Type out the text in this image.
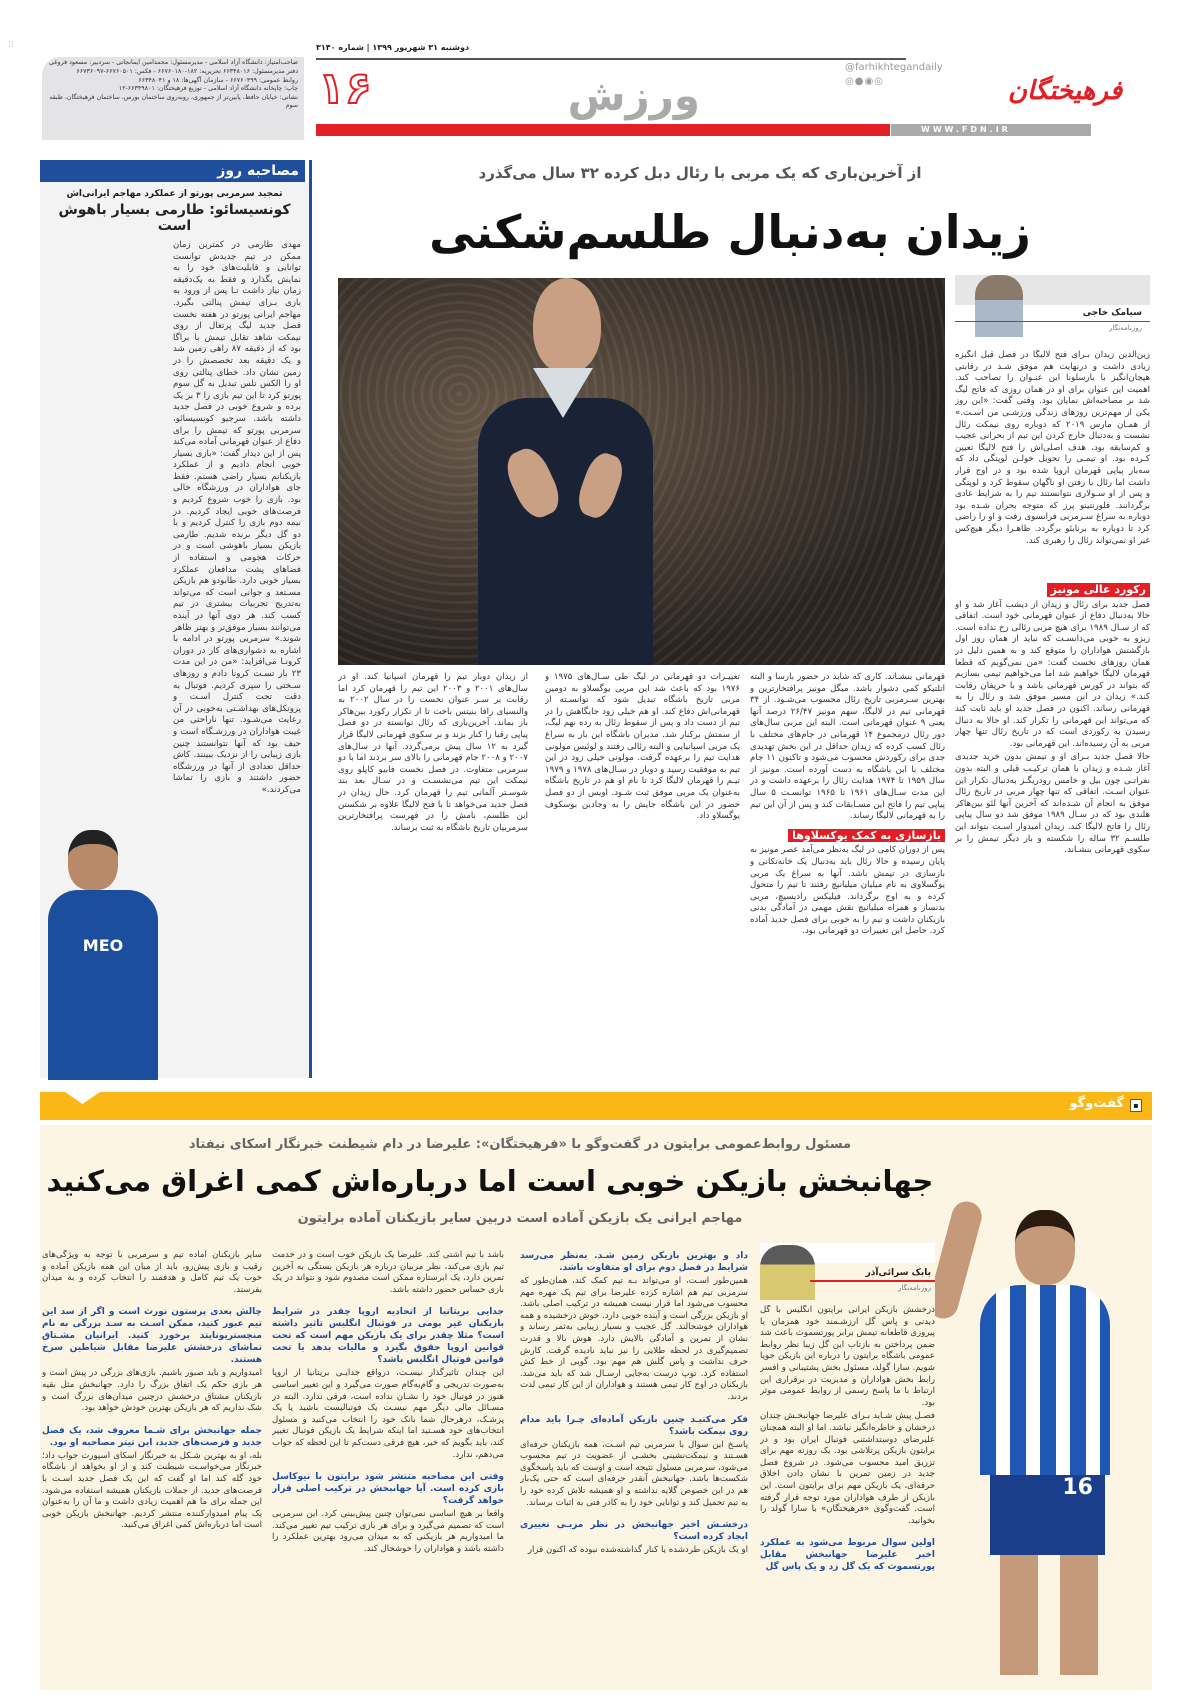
⁞⁞
صاحب‌امتیاز: دانشگاه آزاد اسلامی - مدیرمسئول: محمدامین ایمانجانی - سردبیر: مسعود فروغی
دفتر مدیرمسئول: ۶۶۳۴۸۰۱۶ تحریریه: ۱۸۲-۶۶۷۶۰۱۸۰ - فکس: ۶۶۷۶۰۵۰۱-۶۶۷۳۶۰۹۷
روابط عمومی: ۶۶۷۶۰۴۹۹ - سازمان آگهی‌ها: ۱۸ و ۶۶۳۴۸۰۴۱
چاپ: چاپخانه دانشگاه آزاد اسلامی - توزیع فرهیختگان: ۶۶۳۴۹۸۰۱-۱۲
نشانی: خیابان حافظ، پایین‌تر از جمهوری، روبه‌روی ساختمان بورس، ساختمان فرهیختگان، طبقه سوم
دوشنبه ۳۱ شهریور ۱۳۹۹ | شماره ۳۱۴۰
۱۶	ورزش
WWW.FDN.IR
@farhikhtegandaily
◎●◉◎	فرهیختگان
مصاحبه روز
تمجید سرمربی پورتو از عملکرد مهاجم ایرانی‌اش
کونسیسائو: طارمی بسیار باهوش است
MEO

مهدی طارمی در کمترین زمان ممکن در تیم جدیدش توانست توانایی و قابلیت‌های خود را به نمایش بگذارد و فقط به یک‌دقیقه زمان نیاز داشت تـا پس از ورود به بازی بـرای تیمش پنالتی بگیرد. مهاجم ایرانی پورتو در هفته نخست فصل جدید لیگ پرتغال از روی نیمکت شاهد تقابل تیمش با براگا بود که از دقیقه ۸۷ راهی زمین شد و یک دقیقه بعد تخصصش را در زمین نشان داد. خطای پنالتی روی او را الکس تلس تبدیل به گل سوم پورتو کرد تا این تیم بازی را ۳ بر یک برده و شروع خوبی در فصل جدید داشته باشد. سرجیو کونسیسائو، سرمربی پورتو که تیمش را برای دفاع از عنوان قهرمانی آماده می‌کند پس از این دیدار گفت: «بازی بسیار خوبی انجام دادیم و از عملکرد بازیکنانم بسیار راضی هستم. فقط جای هواداران در ورزشگاه خالی بود. بازی را خوب شروع کردیم و فرصت‌های خوبی ایجاد کردیم. در نیمه دوم بازی را کنترل کردیم و با دو گل دیگر برنده شدیم. طارمی بازیکن بسیار باهوشی است و در حرکات هجومی و استفاده از فضاهای پشت مدافعان عملکرد بسیار خوبی دارد. طابودو هم بازیکن مسـتعد و جوانی است که می‌تواند به‌تدریج تجربیات بیشتری در تیم کسب کند. هر دوی آنها در آینده می‌توانند بسیار موفق‌تر و بهتر ظاهر شوند.» سرمربی پورتو در ادامه با اشاره به دشواری‌های کار در دوران کرونـا می‌افزاید: «من در این مدت ۲۳ بار تسـت کرونا دادم و روزهای سـختی را سپری کردیم. فوتبال به دقت تحت کنترل اسـت و پروتکل‌های بهداشـتی به‌خوبی در آن رعایت می‌شـود. تنها ناراحتی من غیبت هواداران در ورزشـگاه است و حیف بود که آنها نتوانستند چنین بازی زیبایی را از نزدیک ببینند. کاش حداقل تعدادی از آنها در ورزشگاه حضور داشتند و بازی را تماشا می‌کردند.»

از آخرین‌باری که یک مربی با رئال دبل کرده ۳۲ سال می‌گذرد
زیدان به‌دنبال طلسم‌شکنی

از زیدان دوبار تیم را قهرمان اسپانیا کند. او در سال‌های ۲۰۰۱ و ۲۰۰۳ این تیم را قهرمان کرد اما رقابت بر سـر عنوان نخست را در سال ۲۰۰۲ به والنسیای رافا بنیتس باخت تا از تکرار رکورد بین‌هاکر باز بماند. آخرین‌باری که رئال توانسته در دو فصل پیاپی رقبا را کنار بزند و بر سکوی قهرمانی لالیگا قرار گیرد به ۱۲ سال پیش برمی‌گردد. آنها در سال‌های ۲۰۰۷ و ۲۰۰۸ جام قهرمانی را بالای سر بردند اما با دو سرمربی متفاوت. در فصل نخست فابیو کاپلو روی نیمکت این تیم می‌نشسـت و در سـال بعد بند شوسـتر آلمانی تیم را قهرمان کرد. حال زیدان در فصل جدید می‌خواهد تا با فتح لالیگا علاوه بر شکستن این طلسم، نامش را در فهرست پرافتخارترین سرمربیان تاریخ باشگاه به ثبت برساند.

تغییـرات دو قهرمانی در لیگ طی سـال‌های ۱۹۷۵ و ۱۹۷۶ بود که باعث شد این مربی یوگسلاو به دومین مربی تاریخ باشگاه تبدیل شود که توانسـته از قهرمانی‌اش دفاع کند. او هم خیلی زود جایگاهش را در تیم از دست داد و پس از سقوط رئال به رده نهم لیگ، از سمتش برکنار شد. مدیران باشگاه این بار به سراغ یک مربی اسپانیایی و البته رئالی رفتند و لوئیس مولونی هدایت تیم را برعهده گرفت. مولونی خیلی زود در این تیم به موفقیت رسید و دوبار در سـال‌های ۱۹۷۸ و ۱۹۷۹ تیـم را قهرمان لالیگا کرد تا نام او هم در تاریخ باشگاه به‌عنوان یک مربی موفق ثبت شـود. اویس از دو فصل حضور در این باشگاه جایش را به وجادین بوسکوف یوگسلاو داد.

قهرمانی بنشـاند. کاری که شاید در حضور بارسا و البته اتلتیکو کمی دشوار باشد. میگل مونیز پرافتخارترین و بهترین سـرمربی تاریخ رئال محسوب می‌شـود. از ۳۴ قهرمانی تیم در لالیگا، سهم مونیز ۲۶/۴۷ درصد آنها یعنی ۹ عنوان قهرمانی است. البته این مربی سال‌های دور رئال درمجموع ۱۴ قهرمانی در جام‌های مختلف با رئال کسب کرده که زیدان حداقل در این بخش تهدیدی جدی برای رکوردش محسوب می‌شود و تاکنون ۱۱ جام مختلف با این باشگاه به دست آورده است. مونیز از سال ۱۹۵۹ تا ۱۹۷۴ هدایت رئال را برعهده داشت و در این مدت سـال‌های ۱۹۶۱ تا ۱۹۶۵ توانسـت ۵ سال پیاپی تیم را فاتح این مسـابقات کند و پس از آن این تیم را به قهرمانی لالیگا رساند.

بازسازی به کمک یوکسلاوها

پس از دوران کامی در لیگ به‌نظر می‌آمد عصر مونیز به پایان رسیده و حالا رئال باید به‌دنبال یک خانه‌تکانی و بازسازی در تیمش باشد. آنها به سراغ یک مربی یوگسلاوی به نام میلیان میلیانیچ رفتند تا تیم را متحول کرده و به اوج برگرداند. فیلیکس رادیسیچ، مربی بدنساز و همراه میلیانیچ نقش مهمی در آمادگی بدنی بازیکنان داشت و تیم را به خوبی برای فصل جدید آماده کرد. حاصل این تغییرات دو قهرمانی بود.

سیامک خاجی
روزنامه‌نگار

زین‌الدین زیدان بـرای فتح لالیگا در فصل قبل انگیزه زیادی داشت و درنهایت هم موفق شـد در رقابتی هیجان‌انگیز با بارسلونا این عنـوان را تصاحب کند. اهمیت این عنوان برای او در همان روزی که فاتح لیگ شد بر مصاحبه‌اش نمایان بود. وقتی گفت: «این روز یکی از مهم‌ترین روزهای زندگی ورزشـی من اسـت.» از همـان مارس ۲۰۱۹ که دوباره روی نیمکت رئال نشست و به‌دنبال خارج کردن این تیم از بحرانی عجیب و کم‌سابقه بود، هدف اصلی‌اش را فتح لالیگا تعیین کـرده بود. او تیمـی را تحویل خولـن لوپتگی داد که سه‌بار پیاپی قهرمان اروپا شده بود و در اوج قرار داشت اما رئال با رفتن او ناگهان سقوط کرد و لوپتگی و پس از او سـولاری نتوانستند تیم را به شرایط عادی برگردانند. فلورنتینو پرز که متوجه بحران شـده بود دوباره به سراغ سـرمربی فرانسوی رفت و او را راضی کرد تا دوباره به برنابئو برگردد. ظاهـرا دیگر هیچ‌کس غیر او نمی‌تواند رئال را رهبری کند.

رکورد عالی مونیز

فصل جدید برای رئال و زیدان از دیشب آغاز شد و او حالا به‌دنبال دفاع از عنوان قهرمانی خود است. اتفاقی که از سـال ۱۹۸۹ برای هیچ مربی رئالی رخ نداده است. زیزو به خوبی می‌دانسـت که نباید از همان روز اول بازگشتش هواداران را متوقع کند و به همین دلیل در همان روزهای نخست گفت: «من نمی‌گویم که قطعا قهرمان لالیگا خواهیم شد اما می‌خواهیم تیمی بسازیم که بتواند در کورس قهرمانی باشد و با حریفان رقابت کند.» زیدان در این مسیر موفق شد و رئال را به قهرمانی رساند. اکنون در فصل جدید او باید ثابت کند که می‌تواند این قهرمانی را تکرار کند. او حالا به دنبال رسیدن به رکوردی است که در تاریخ رئال تنها چهار مربی به آن رسیده‌اند. این قهرمانی بود.

حالا فصل جدید بـرای او و تیمش بدون خرید جدیدی آغاز شـده و زیدان با همان ترکیـب قبلی و البته بدون نفراتـی چون بیل و خامس رودریگـز به‌دنبال تکرار این عنوان اسـت. اتفاقی که تنها چهار مربی در تاریخ رئال موفق به انجام آن شـده‌اند که آخرین آنها لئو بین‌هاکر هلندی بود که در سـال ۱۹۸۹ موفق شد دو سال پیاپی رئال را فاتح لالیگا کند. زیدان امیدوار اسـت بتواند این طلسـم ۳۲ ساله را شکسته و بار دیگر تیمش را بر سکوی قهرمانی بنشـاند.

▪
گفت‌وگو
مسئول روابط‌عمومی برایتون در گفت‌وگو با «فرهیختگان»: علیرضا در دام شیطنت خبرنگار اسکای نیفتاد
جهانبخش بازیکن خوبی است اما درباره‌اش کمی اغراق می‌کنید
مهاجم ایرانی یک بازیکن آماده است دربین سایر بازیکنان آماده برایتون
16
بابک سرائی‌آذر
روزنامه‌نگار

درخشش بازیکن ایرانی برایتون انگلیس با گل دیدنی و پاس گل ارزشـمند خود همزمان با پیروزی قاطعانه تیمش برابر پورتسموث باعث شد ضمن پرداختن به بازتاب این گل زیبا نظر روابط عمومی باشگاه برایتون را درباره این بازیکن جویا شویم. سارا گولد، مسئول بخش پشتیبانی و افسر رابط بخش هواداران و مدیریت در برقراری این ارتباط با ما پاسخ رسمی از روابط عمومی موثر بود.

فصـل پیش شـاید بـرای علیرضا جهانبخـش چندان درخشان و خاطره‌انگیز نباشد. اما او البته همچنان علیرضای دوستداشتنی فوتبال ایران بود و در برایتون بازیکن پرتلاشی بود. یک روزنه مهم برای تزریق امید محسوب می‌شود. در شروع فصل جدید در زمین تمرین با نشان دادن اخلاق حرفه‌ای، یک بازیکن مهم برای برایتون است. این بازیکن از طرف هواداران مورد توجه قرار گرفته است. گفت‌وگوی «فرهیختگان» با سارا گولد را بخوانید.

اولین سوال مربوط می‌شود به عملکرد اخیر علیرضا جهانبخش مقابل پورتسموث که یک گل زد و یک پاس گل
داد و بهترین بازیکن زمین شـد. به‌نظر می‌رسد شرایط در فصل دوم برای او متفاوت باشد.

همین‌طور اسـت، او می‌تواند بـه تیم کمک کند، همان‌طور که سرمربی تیم هم اشاره کرده علیرضا برای تیم یک مهره مهم محسوب می‌شود اما قرار نیست همیشه در ترکیب اصلی باشد. او بازیکن بزرگی است و آینده خوبی دارد. خوش درخشیده و همه هواداران خوشحالند. گل عجیب و بسیار زیبایی به‌ثمر رساند و نشان از تمرین و آمادگی بالایش دارد. هوش بالا و قدرت تصمیم‌گیری در لحظه طلایی را نیز نباید نادیده گرفت. کارش حرف نداشت و پاس گلش هم مهم بود. گویی از خط کش استفاده کرد. توپ درست به‌جایی ارسـال شد که باید می‌شد. بازیکنان در اوج کار تیمی هستند و هواداران از این کار تیمی لذت بردند.

فکر می‌کنیـد چنین بازیکن آماده‌ای چـرا باید مدام روی نیمکت باشد؟

پاسـخ این سوال با سرمربی تیم اسـت، همه بازیکنان حرفه‌ای هسـتند و نیمکت‌نشینی بخشـی از عضویت در تیم محسوب می‌شود، سرمربی مسئول نتیجه است و اوست که باید پاسخگوی شکست‌ها باشد. جهانبخش آنقدر حرفه‌ای است که حتی یک‌بار هم در این خصوص گلایه نداشته و او همیشه تلاش کرده خود را به تیم تحمیل کند و توانایی خود را به کادر فنی به اثبات برساند.

درخشـش اخیر جهانبخش در نظر مربـی تغییری ایجاد کرده است؟

او یک بازیکن طردشده یا کنار گذاشته‌شده نبوده که اکنون قرار

باشد با تیم آشتی کند. علیرضا یک بازیکن خوب است و در خدمت تیم بازی می‌کند، نظر مربیان درباره هر بازیکن بستگی به آخرین تمرین دارد، یک ابرستاره ممکن است مصدوم شود و نتواند در یک بازی حساس حضور داشته باشد.

جدایی بریتانیا از اتحادیه اروپا چقدر در شرایط بازیکنان غیر بومی در فوتبال انگلیس تاثیر داشته است؟ مثلا چقدر برای یک بازیکن مهم است که تحت قوانین اروپا حقوق بگیرد و مالیات بدهد یا تحت قوانین فوتبال انگلیس باشد؟

این چندان تاثیرگذار نیسـت، درواقع جدایـی بریتانیا از اروپا به‌صورت تدریجی و گام‌به‌گام صورت می‌گیرد و این تغییر اساسی هنوز در فوتبال خود را نشـان نداده است، فرقی ندارد. البته در مسـائل مالی دیگر مهم نیسـت یک فوتبالیست باشید یا یک پزشـک، درهرحال شما بانک خود را انتخاب می‌کنید و مسئول انتخاب‌های خود هسـتید اما اینکه شرایط یک بازیکن فوتبال تغییر کند، باید بگویم که خیر، هیچ فرقی دست‌کم تا این لحظه که جواب می‌دهم، ندارد.

وقتی این مصاحبه منتشر شود برایتون با نیوکاسل بازی کرده است. آیا جهانبخش در ترکیب اصلی قرار خواهد گرفت؟

واقعا بر هیچ اساسی نمی‌توان چنین پیش‌بینی کرد. این سرمربی است که تصمیم می‌گیرد و برای هر بازی ترکیب تیم تغییر می‌کند. ما امیدواریم هر بازیکنی که به میدان می‌رود بهترین عملکرد را داشته باشد و هواداران را خوشحال کند.

سایر بازیکنان آماده تیم و سرمربی با توجه به ویژگی‌های رقیب و بازی پیش‌رو، باید از میان این همه بازیکن آماده و خوب یک تیم کامل و هدفمند را انتخاب کرده و به میدان بفرستد.

چالش بعدی پرستون نورث است و اگر از سد این تیم عبور کنید، ممکن اسـت به سـد بزرگی به نام منچستریونایتد برخورد کنید. ایرانیان مشـتاق تماشای درخشش علیرضا مقابل شیاطین سرخ هستند.

امیدواریم و باید صبور باشیم. بازی‌های بزرگی در پیش است و هر بازی حکم یک اتفاق بزرگ را دارد. جهانبخش مثل بقیه بازیکنان مشتاق درخشش درچنین میدان‌های بزرگ است و شک نداریم که هر بازیکن بهترین خودش خواهد بود.

جمله جهانبخش برای شـما معروف شد، یک فصل جدید و فرصت‌های جدید، این تیتر مصاحبه او بود.

بله، او به بهترین شـکل به خبرنگار اسکای اسپورت جواب داد؛ خبرنگار می‌خواسـت شیطنت کند و از او بخواهد از باشگاه خود گله کند اما او گفت که این یک فصل جدید اسـت با فرصت‌های جدید. از جملات بازیکنان همیشه استفاده می‌شود. این جمله برای ما هم اهمیت زیادی داشت و ما آن را به‌عنوان یک پیام امیدوارکننده منتشر کردیم. جهانبخش بازیکن خوبی است اما درباره‌اش کمی اغراق می‌کنید.
